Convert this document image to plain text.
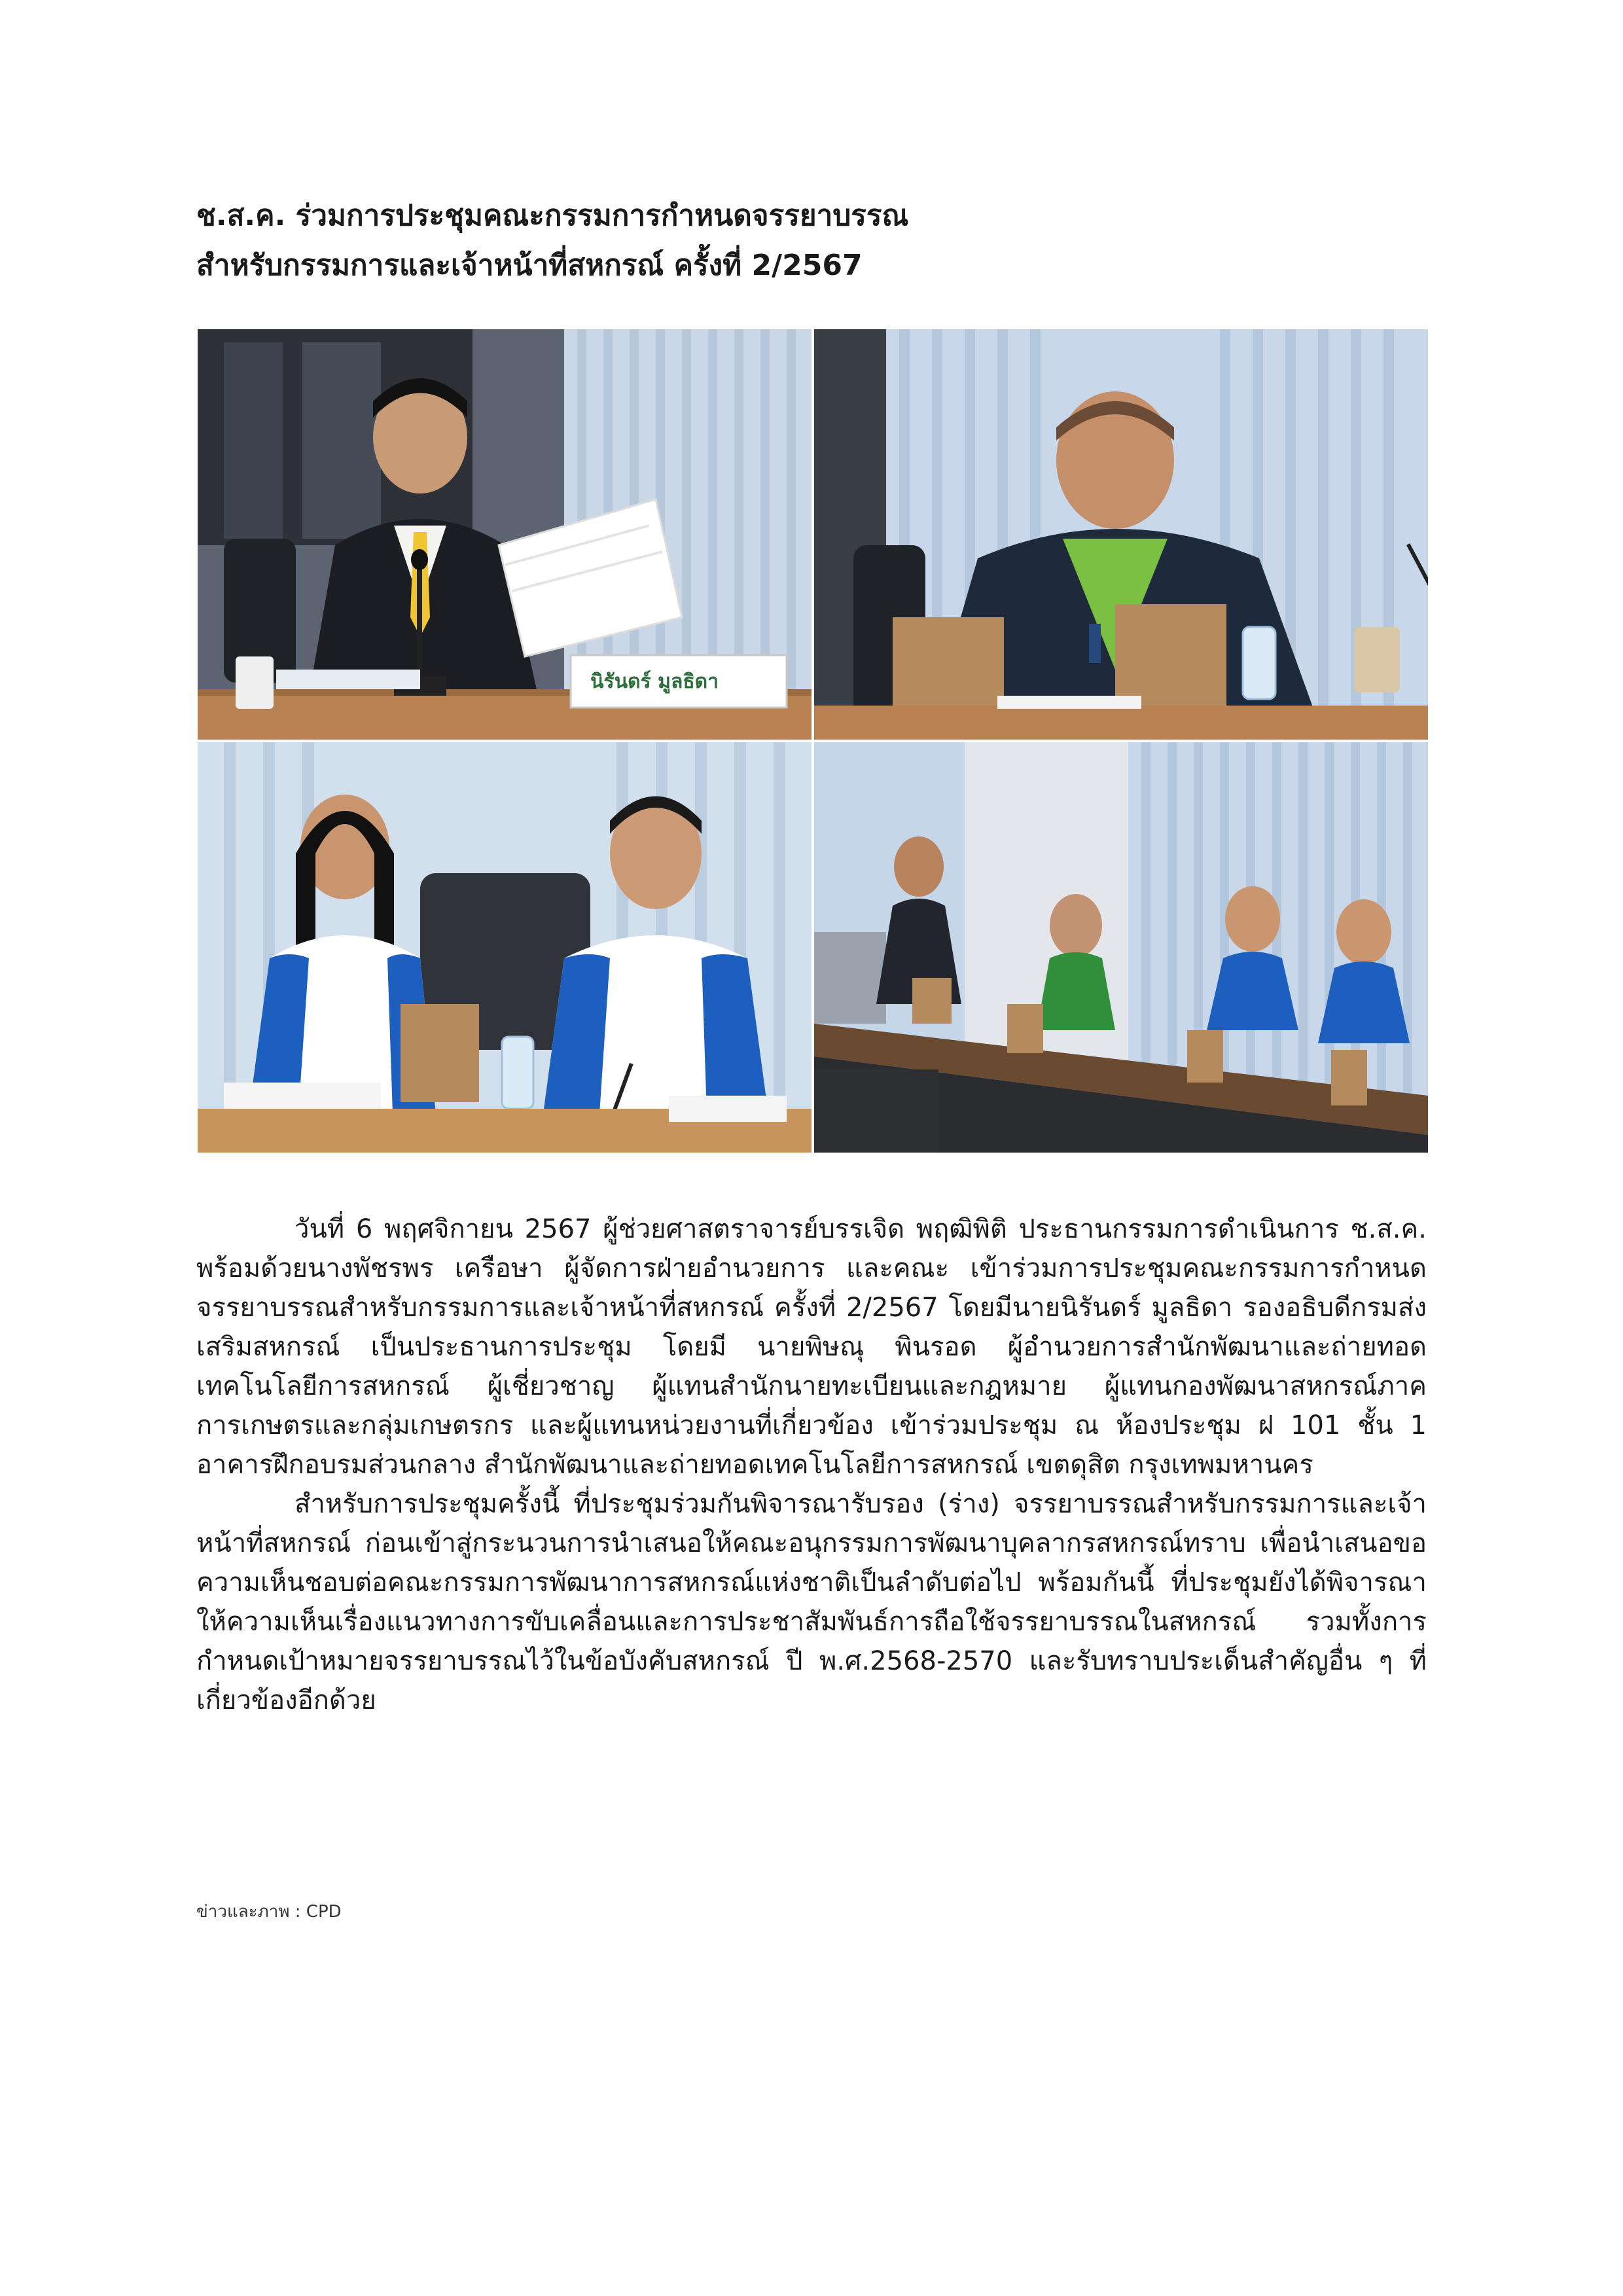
ช.ส.ค. ร่วมการประชุมคณะกรรมการกำหนดจรรยาบรรณ
สำหรับกรรมการและเจ้าหน้าที่สหกรณ์ ครั้งที่ 2/2567
นิรันดร์ มูลธิดา

วันที่ 6 พฤศจิกายน 2567 ผู้ช่วยศาสตราจารย์บรรเจิด พฤฒิพิติ ประธานกรรมการดำเนินการ ช.ส.ค. พร้อมด้วยนางพัชรพร เครือษา ผู้จัดการฝ่ายอำนวยการ และคณะ เข้าร่วมการประชุมคณะกรรมการกำหนดจรรยาบรรณสำหรับกรรมการและเจ้าหน้าที่สหกรณ์ ครั้งที่ 2/2567 โดยมีนายนิรันดร์ มูลธิดา รองอธิบดีกรมส่งเสริมสหกรณ์ เป็นประธานการประชุม โดยมี นายพิษณุ พินรอด ผู้อำนวยการสำนักพัฒนาและถ่ายทอดเทคโนโลยีการสหกรณ์ ผู้เชี่ยวชาญ ผู้แทนสำนักนายทะเบียนและกฎหมาย ผู้แทนกองพัฒนาสหกรณ์ภาคการเกษตรและกลุ่มเกษตรกร และผู้แทนหน่วยงานที่เกี่ยวข้อง เข้าร่วมประชุม ณ ห้องประชุม ฝ 101 ชั้น 1 อาคารฝึกอบรมส่วนกลาง สำนักพัฒนาและถ่ายทอดเทคโนโลยีการสหกรณ์ เขตดุสิต กรุงเทพมหานคร

สำหรับการประชุมครั้งนี้ ที่ประชุมร่วมกันพิจารณารับรอง (ร่าง) จรรยาบรรณสำหรับกรรมการและเจ้าหน้าที่สหกรณ์ ก่อนเข้าสู่กระนวนการนำเสนอให้คณะอนุกรรมการพัฒนาบุคลากรสหกรณ์ทราบ เพื่อนำเสนอขอความเห็นชอบต่อคณะกรรมการพัฒนาการสหกรณ์แห่งชาติเป็นลำดับต่อไป พร้อมกันนี้ ที่ประชุมยังได้พิจารณาให้ความเห็นเรื่องแนวทางการขับเคลื่อนและการประชาสัมพันธ์การถือใช้จรรยาบรรณในสหกรณ์ รวมทั้งการกำหนดเป้าหมายจรรยาบรรณไว้ในข้อบังคับสหกรณ์ ปี พ.ศ.2568-2570 และรับทราบประเด็นสำคัญอื่น ๆ ที่เกี่ยวข้องอีกด้วย

ข่าวและภาพ : CPD
